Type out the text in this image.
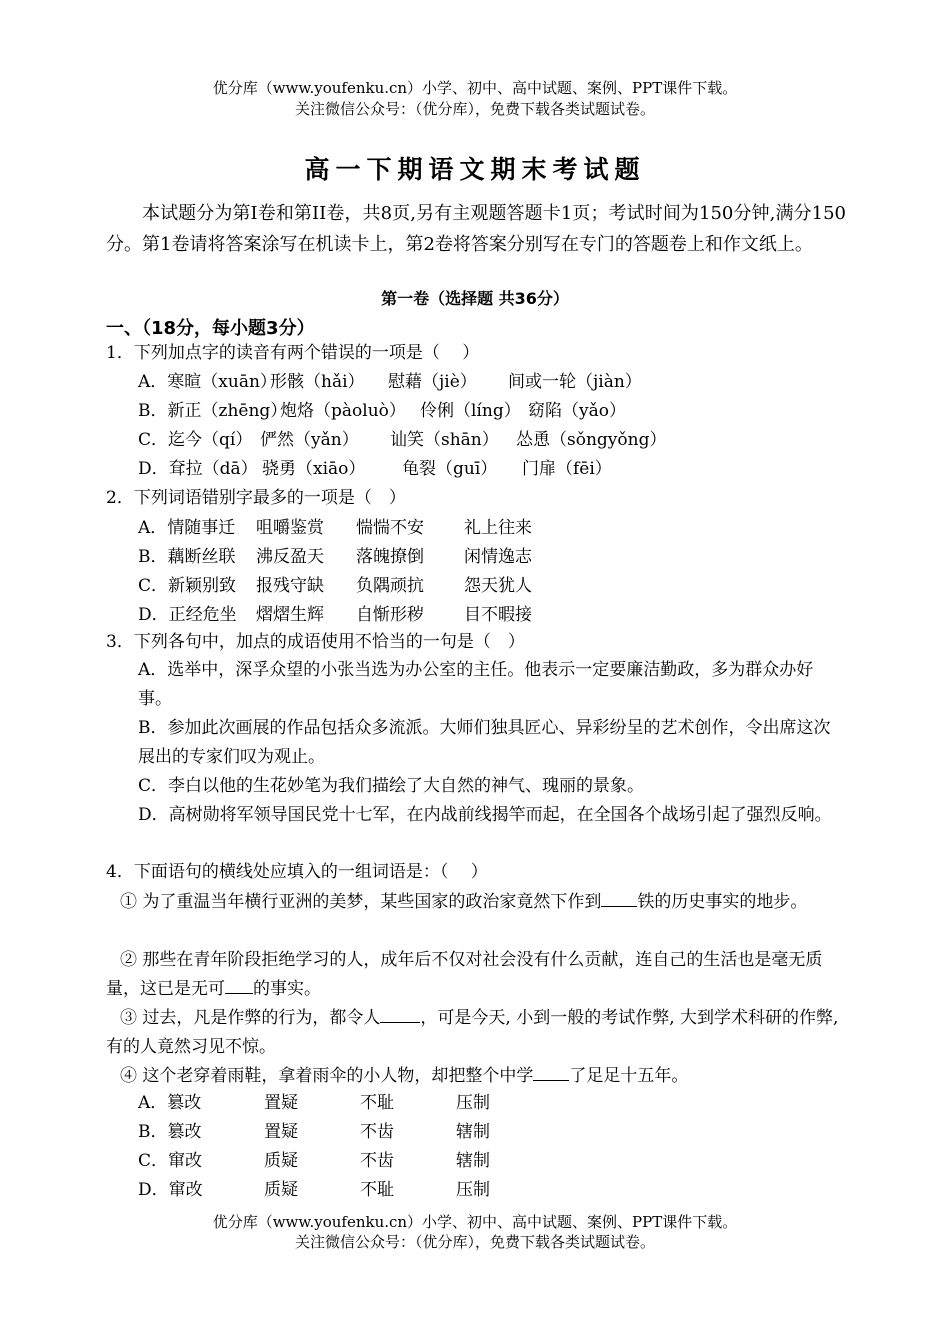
优分库（www.youfenku.cn）小学、初中、高中试题、案例、PPT课件下载。
关注微信公众号：（优分库），免费下载各类试题试卷。
高一下期语文期末考试题
本试题分为第Ⅰ卷和第II卷，共8页,另有主观题答题卡1页；考试时间为150分钟,满分150分。第1卷请将答案涂写在机读卡上，第2卷将答案分别写在专门的答题卷上和作文纸上。
第一卷（选择题 共36分）
一、（18分，每小题3分）
1．下列加点字的读音有两个错误的一项是（　 ）
A．寒暄（xuān）形骸（hǎi） 慰藉（jiè） 间或一轮（jiàn）
B．新正（zhēng）炮烙（pàoluò） 伶俐（líng） 窈陷（yǎo）
C．迄今（qí） 俨然（yǎn） 讪笑（shān） 怂恿（sǒngyǒng）
D．耷拉（dā） 骁勇（xiāo） 龟裂（guī） 门扉（fēi）
2．下列词语错别字最多的一项是（　）
A．情随事迁 咀嚼鉴赏 惴惴不安 礼上往来
B．藕断丝联 沸反盈天 落魄撩倒 闲情逸志
C．新颖别致 报残守缺 负隅顽抗 怨天犹人
D．正经危坐 熠熠生辉 自惭形秽 目不暇接
3．下列各句中，加点的成语使用不恰当的一句是（　）
A．选举中，深孚众望的小张当选为办公室的主任。他表示一定要廉洁勤政，多为群众办好事。
B．参加此次画展的作品包括众多流派。大师们独具匠心、异彩纷呈的艺术创作，令出席这次展出的专家们叹为观止。
C．李白以他的生花妙笔为我们描绘了大自然的神气、瑰丽的景象。
D．高树勋将军领导国民党十七军，在内战前线揭竿而起，在全国各个战场引起了强烈反响。
4．下面语句的横线处应填入的一组词语是：（　 ）
① 为了重温当年横行亚洲的美梦，某些国家的政治家竟然下作到 铁的历史事实的地步。
② 那些在青年阶段拒绝学习的人，成年后不仅对社会没有什么贡献，连自己的生活也是毫无质量，这已是无可 的事实。
③ 过去，凡是作弊的行为，都令人 ，可是今天, 小到一般的考试作弊, 大到学术科研的作弊, 有的人竟然习见不惊。
④ 这个老穿着雨鞋，拿着雨伞的小人物，却把整个中学 了足足十五年。
A．篡改	置疑	不耻	压制
B．篡改	置疑	不齿	辖制
C．窜改	质疑	不齿	辖制
D．窜改	质疑	不耻	压制
优分库（www.youfenku.cn）小学、初中、高中试题、案例、PPT课件下载。
关注微信公众号：（优分库），免费下载各类试题试卷。
